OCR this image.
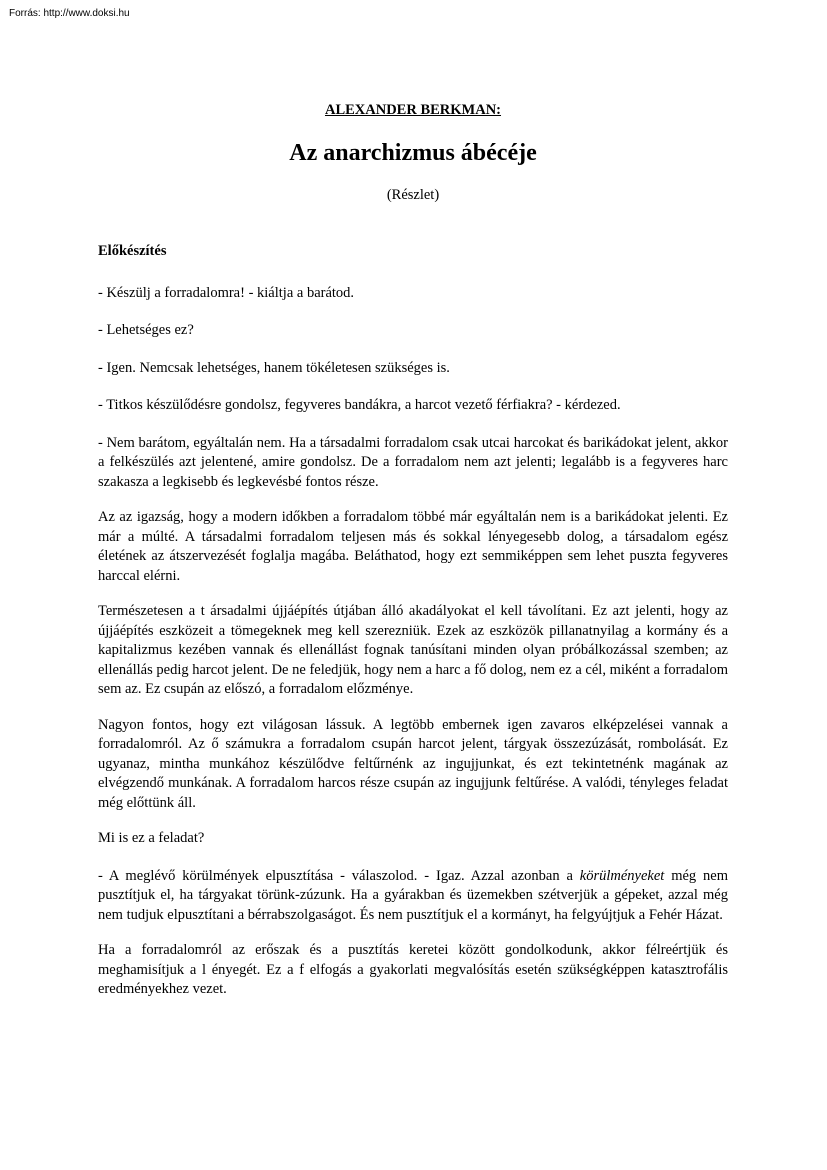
Forrás: http://www.doksi.hu
ALEXANDER BERKMAN:
Az anarchizmus ábécéje
(Részlet)

Előkészítés

- Készülj a forradalomra! - kiáltja a barátod.

- Lehetséges ez?

- Igen. Nemcsak lehetséges, hanem tökéletesen szükséges is.

- Titkos készülődésre gondolsz, fegyveres bandákra, a harcot vezető férfiakra? - kérdezed.

- Nem barátom, egyáltalán nem. Ha a társadalmi forradalom csak utcai harcokat és barikádokat jelent, akkor a felkészülés azt jelentené, amire gondolsz. De a forradalom nem azt jelenti; legalább is a fegyveres harc szakasza a legkisebb és legkevésbé fontos része.

Az az igazság, hogy a modern időkben a forradalom többé már egyáltalán nem is a barikádokat jelenti. Ez már a múlté. A társadalmi forradalom teljesen más és sokkal lényegesebb dolog, a társadalom egész életének az átszervezését foglalja magába. Beláthatod, hogy ezt semmiképpen sem lehet puszta fegyveres harccal elérni.

Természetesen a t ársadalmi újjáépítés útjában álló akadályokat el kell távolítani. Ez azt jelenti, hogy az újjáépítés eszközeit a tömegeknek meg kell szerezniük. Ezek az eszközök pillanatnyilag a kormány és a kapitalizmus kezében vannak és ellenállást fognak tanúsítani minden olyan próbálkozással szemben; az ellenállás pedig harcot jelent. De ne feledjük, hogy nem a harc a fő dolog, nem ez a cél, miként a forradalom sem az. Ez csupán az előszó, a forradalom előzménye.

Nagyon fontos, hogy ezt világosan lássuk. A legtöbb embernek igen zavaros elképzelései vannak a forradalomról. Az ő számukra a forradalom csupán harcot jelent, tárgyak összezúzását, rombolását. Ez ugyanaz, mintha munkához készülődve feltűrnénk az ingujjunkat, és ezt tekintetnénk magának az elvégzendő munkának. A forradalom harcos része csupán az ingujjunk feltűrése. A valódi, tényleges feladat még előttünk áll.

Mi is ez a feladat?

- A meglévő körülmények elpusztítása - válaszolod. - Igaz. Azzal azonban a körülményeket még nem pusztítjuk el, ha tárgyakat törünk-zúzunk. Ha a gyárakban és üzemekben szétverjük a gépeket, azzal még nem tudjuk elpusztítani a bérrabszolgaságot. És nem pusztítjuk el a kormányt, ha felgyújtjuk a Fehér Házat.

Ha a forradalomról az erőszak és a pusztítás keretei között gondolkodunk, akkor félreértjük és meghamisítjuk a l ényegét. Ez a f elfogás a gyakorlati megvalósítás esetén szükségképpen katasztrofális eredményekhez vezet.
